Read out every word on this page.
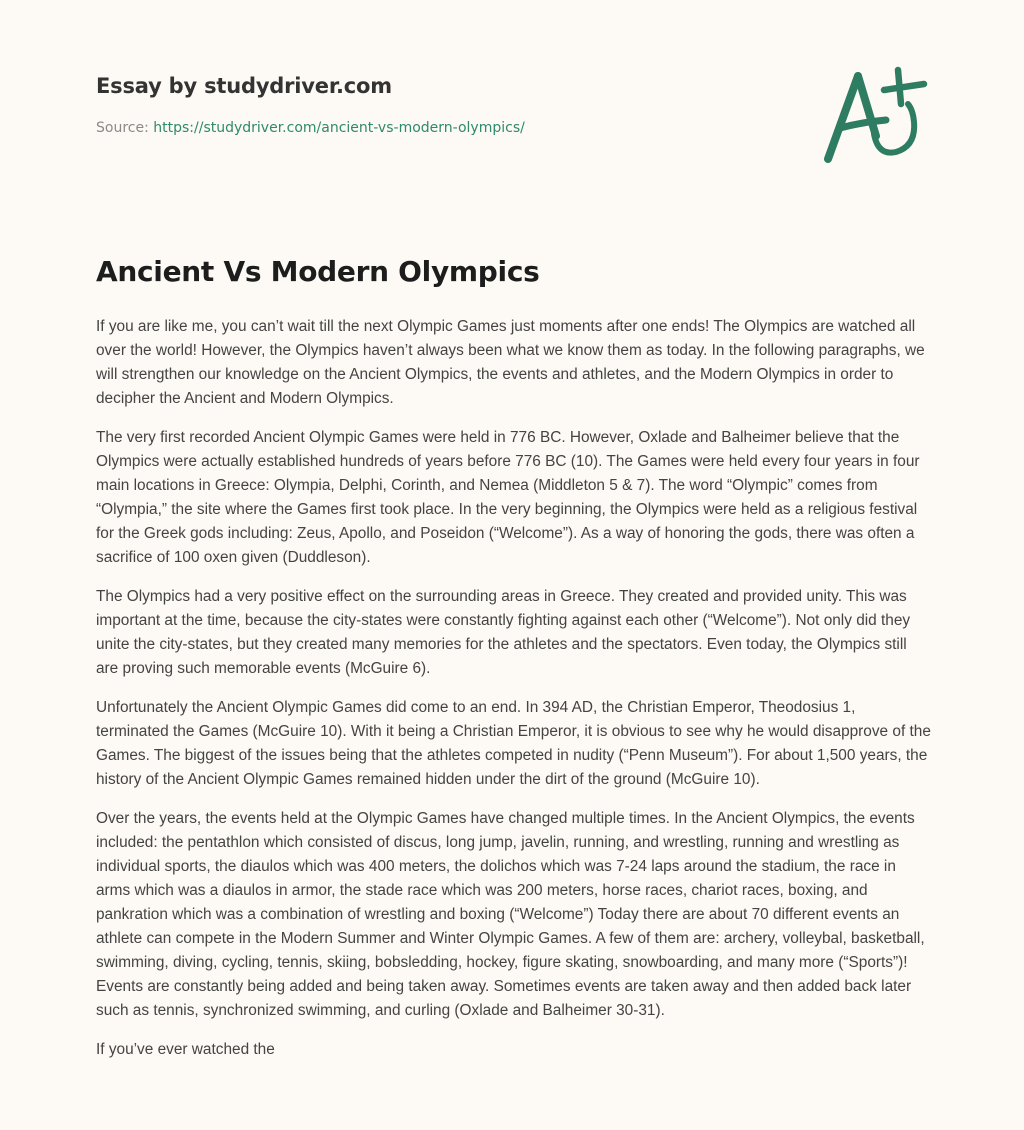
Essay by studydriver.com
Source: https://studydriver.com/ancient-vs-modern-olympics/
Ancient Vs Modern Olympics

If you are like me, you can’t wait till the next Olympic Games just moments after one ends! The Olympics are watched all over the world! However, the Olympics haven’t always been what we know them as today. In the following paragraphs, we will strengthen our knowledge on the Ancient Olympics, the events and athletes, and the Modern Olympics in order to decipher the Ancient and Modern Olympics.

The very first recorded Ancient Olympic Games were held in 776 BC. However, Oxlade and Balheimer believe that the Olympics were actually established hundreds of years before 776 BC (10). The Games were held every four years in four main locations in Greece: Olympia, Delphi, Corinth, and Nemea (Middleton 5 & 7). The word “Olympic” comes from “Olympia,” the site where the Games first took place. In the very beginning, the Olympics were held as a religious festival for the Greek gods including: Zeus, Apollo, and Poseidon (“Welcome”). As a way of honoring the gods, there was often a sacrifice of 100 oxen given (Duddleson).

The Olympics had a very positive effect on the surrounding areas in Greece. They created and provided unity. This was important at the time, because the city-states were constantly fighting against each other (“Welcome”). Not only did they unite the city-states, but they created many memories for the athletes and the spectators. Even today, the Olympics still are proving such memorable events (McGuire 6).

Unfortunately the Ancient Olympic Games did come to an end. In 394 AD, the Christian Emperor, Theodosius 1, terminated the Games (McGuire 10). With it being a Christian Emperor, it is obvious to see why he would disapprove of the Games. The biggest of the issues being that the athletes competed in nudity (“Penn Museum”). For about 1,500 years, the history of the Ancient Olympic Games remained hidden under the dirt of the ground (McGuire 10).

Over the years, the events held at the Olympic Games have changed multiple times. In the Ancient Olympics, the events included: the pentathlon which consisted of discus, long jump, javelin, running, and wrestling, running and wrestling as individual sports, the diaulos which was 400 meters, the dolichos which was 7-24 laps around the stadium, the race in arms which was a diaulos in armor, the stade race which was 200 meters, horse races, chariot races, boxing, and pankration which was a combination of wrestling and boxing (“Welcome”) Today there are about 70 different events an athlete can compete in the Modern Summer and Winter Olympic Games. A few of them are: archery, volleybal, basketball, swimming, diving, cycling, tennis, skiing, bobsledding, hockey, figure skating, snowboarding, and many more (“Sports”)! Events are constantly being added and being taken away. Sometimes events are taken away and then added back later such as tennis, synchronized swimming, and curling (Oxlade and Balheimer 30-31).

If you’ve ever watched the
